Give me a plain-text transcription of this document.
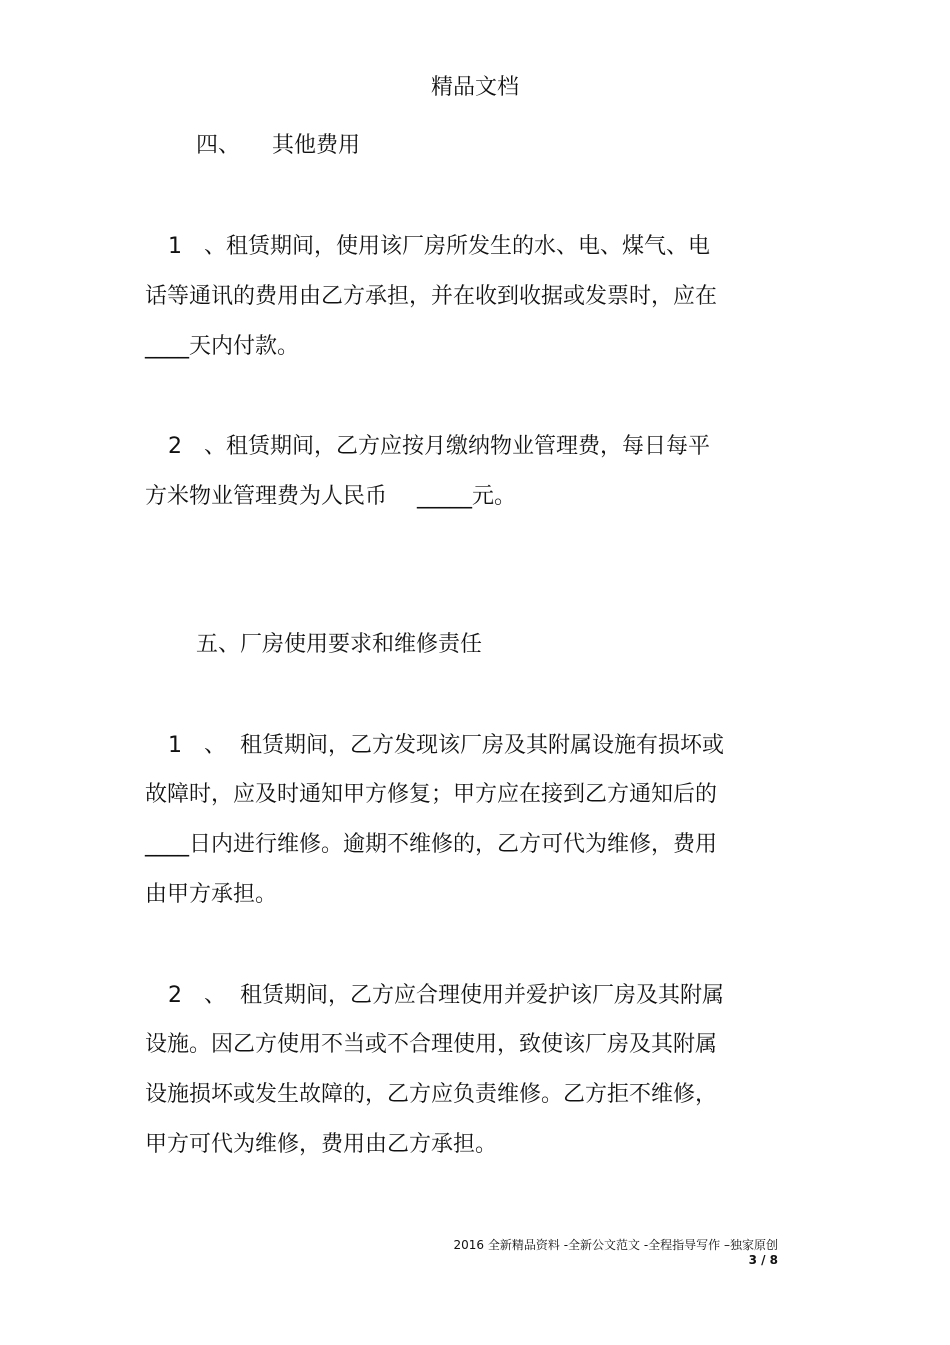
精品文档
四、 其他费用
1 、租赁期间，使用该厂房所发生的水、电、煤气、电
话等通讯的费用由乙方承担，并在收到收据或发票时，应在
____天内付款。
2 、租赁期间，乙方应按月缴纳物业管理费，每日每平
方米物业管理费为人民币 _____元。
五、厂房使用要求和维修责任
1 、 租赁期间，乙方发现该厂房及其附属设施有损坏或
故障时，应及时通知甲方修复；甲方应在接到乙方通知后的
____日内进行维修。逾期不维修的，乙方可代为维修，费用
由甲方承担。
2 、 租赁期间，乙方应合理使用并爱护该厂房及其附属
设施。因乙方使用不当或不合理使用，致使该厂房及其附属
设施损坏或发生故障的，乙方应负责维修。乙方拒不维修，
甲方可代为维修，费用由乙方承担。
2016 全新精品资料 -全新公文范文 -全程指导写作 –独家原创
3 / 8
